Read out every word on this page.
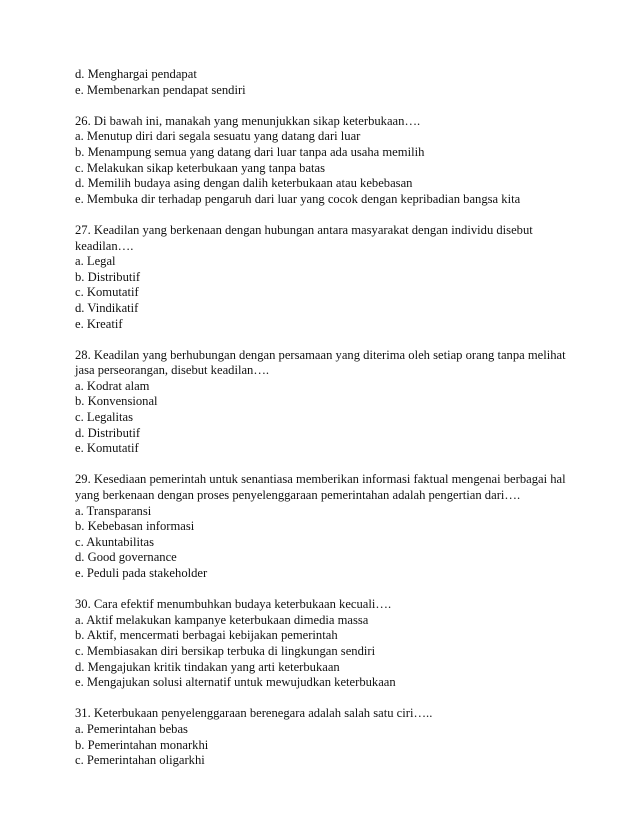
d. Menghargai pendapat
e. Membenarkan pendapat sendiri
26. Di bawah ini, manakah yang menunjukkan sikap keterbukaan….
a. Menutup diri dari segala sesuatu yang datang dari luar
b. Menampung semua yang datang dari luar tanpa ada usaha memilih
c. Melakukan sikap keterbukaan yang tanpa batas
d. Memilih budaya asing dengan dalih keterbukaan atau kebebasan
e. Membuka dir terhadap pengaruh dari luar yang cocok dengan kepribadian bangsa kita
27. Keadilan yang berkenaan dengan hubungan antara masyarakat dengan individu disebut
keadilan….
a. Legal
b. Distributif
c. Komutatif
d. Vindikatif
e. Kreatif
28. Keadilan yang berhubungan dengan persamaan yang diterima oleh setiap orang tanpa melihat
jasa perseorangan, disebut keadilan….
a. Kodrat alam
b. Konvensional
c. Legalitas
d. Distributif
e. Komutatif
29. Kesediaan pemerintah untuk senantiasa memberikan informasi faktual mengenai berbagai hal
yang berkenaan dengan proses penyelenggaraan pemerintahan adalah pengertian dari….
a. Transparansi
b. Kebebasan informasi
c. Akuntabilitas
d. Good governance
e. Peduli pada stakeholder
30. Cara efektif menumbuhkan budaya keterbukaan kecuali….
a. Aktif melakukan kampanye keterbukaan dimedia massa
b. Aktif, mencermati berbagai kebijakan pemerintah
c. Membiasakan diri bersikap terbuka di lingkungan sendiri
d. Mengajukan kritik tindakan yang arti keterbukaan
e. Mengajukan solusi alternatif untuk mewujudkan keterbukaan
31. Keterbukaan penyelenggaraan berenegara adalah salah satu ciri…..
a. Pemerintahan bebas
b. Pemerintahan monarkhi
c. Pemerintahan oligarkhi
